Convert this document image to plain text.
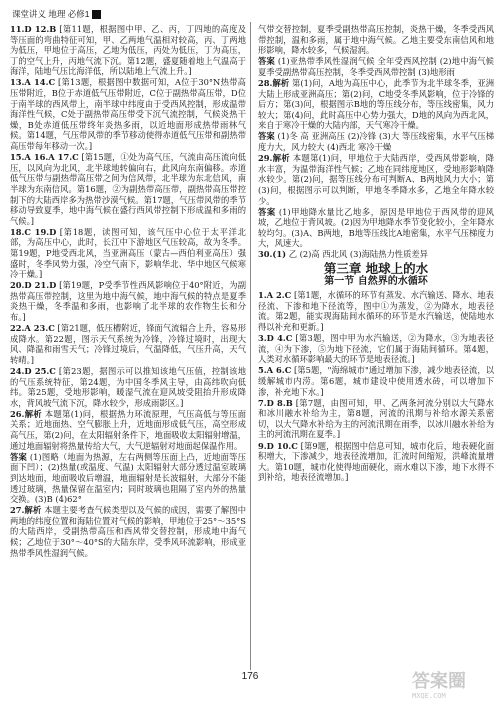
课堂讲义 地理 必修1
11.D 12.B [第11题，根据图中甲、乙、丙，丁四地的高度及等压面的弯曲特征可知，甲、乙两地气温相对较高，丙、丁两地为低压，甲地位于高压，乙地为低压，丙处为低压，丁为高压，丁的空气上升，丙地气流下沉。第12题，盛夏随着地上气温高于海洋，陆地气压比海洋低，所以陆地上气流上升。]
13.A 14.C [第13题，根据图中数据可知，A位于30°N热带高压带附近，B位于赤道低气压带附近，C位于副热带高压带，D位于南半球的西风带上，南半球中纬度由于受西风控制，形成温带海洋性气候，C处于副热带高压带受下沉气流控制，气候炎热干燥，B处赤道低压带终年炎热多雨，以近地面形成热带雨林气候。第14题，气压带风带的季节移动使得赤道低气压带和副热带高压带每年移动一次。]
15.A 16.A 17.C [第15题，①处为高气压，气流由高压流向低压，以风向为北风，北半球地转偏向右，此风向东南偏移。赤道低气压带与副热带高压带之间为信风带，北半球为东北信风，南半球为东南信风。第16题，②为副热带高压带，副热带高压带控制下的大陆西岸多为热带沙漠气候。第17题，气压带风带的季节移动导致夏季，地中海气候在盛行西风带控制下形成温和多雨的气候。]
18.C 19.D [第18题，读图可知，该气压中心位于太平洋北部，为高压中心，此时，长江中下游地区气压较高，故为冬季。第19题，P地受西北风，当亚洲高压（蒙古—西伯利亚高压）强盛时，冬季风势力强，冷空气南下，影响华北、华中地区气候寒冷干燥。]
20.D 21.D [第19题，P受季节性西风影响位于40°附近，为副热带高压带控制，这里为地中海气候，地中海气候的特点是夏季炎热干燥，冬季温和多雨，也影响了北半球的农作物生长和分布。]
22.A 23.C [第21题，低压槽附近，锋面气流辐合上升，容易形成降水。第22题，图示天气系统为冷锋，冷锋过境时，出现大风、降温和雨雪天气；冷锋过境后，气温降低，气压升高，天气转晴。]
24.D 25.C [第23题，据图示可以推知该地气压值，控制该地的气压系统特征，第24题，为中国冬季风主导，由高纬吹向低纬。第25题，受地形影响，暖湿气流在迎风坡受阻抬升形成降水，背风坡气流下沉，降水较少，形成雨影区。]
26.解析 本题第(1)问，根据热力环流原理，气压高低与等压面关系；近地面热、空气膨胀上升，近地面形成低气压，高空形成高气压，第(2)问，在太阳辐射条件下，地面吸收太阳辐射增温，通过地面辐射将热量传给大气，大气逆辐射对地面起保温作用。
答案 (1)图略（地面为热源，左右两侧等压面上凸，近地面等压面下凹）；(2)热量(或温度、气温) 太阳辐射大部分透过温室玻璃到达地面，地面吸收后增温，地面辐射是长波辐射，大部分不能透过玻璃，热量保留在温室内；同时玻璃也阻隔了室内外的热量交换。(3)B (4)62°
27.解析 本题主要考查气候类型以及气候的成因，需要了解图中两地的纬度位置和海陆位置对气候的影响，甲地位于25°～35°S的大陆西岸，受副热带高压和西风带交替控制，形成地中海气候；乙地位于30°～40°S的大陆东岸，受季风环流影响，形成亚热带季风性湿润气候。
气带交替控制，夏季受副热带高压控制，炎热干燥，冬季受西风带控制，温和多雨，属于地中海气候。乙地主要受东南信风和地形影响，降水较多，气候湿润。
答案 (1)亚热带季风性湿润气候 全年受西风控制 (2)地中海气候 夏季受副热带高压控制，冬季受西风带控制 (3)地形雨
28.解析 第(1)问，A地为高压中心，此季节为北半球冬季，亚洲大陆上形成亚洲高压；第(2)问，C地受冬季风影响，位于冷锋的后方；第(3)问，根据图示B地的等压线分布，等压线密集，风力较大；第(4)问，此时高压中心势力强大，D地的风向为西北风，来自于寒冷干燥的大陆内部，天气寒冷干燥。
答案 (1)冬 高 亚洲高压 (2)冷锋 (3)大 等压线密集，水平气压梯度力大，风力较大 (4)西北 寒冷干燥
29.解析 本题第(1)问，甲地位于大陆西岸，受西风带影响，降水丰富，为温带海洋性气候；乙地在同纬度地区，受地形影响降水较少。第(2)问，据等压线分布可判断A、B两地风力大小；第(3)问，根据图示可以判断，甲地冬季降水多，乙地全年降水较少。
答案 (1)甲地降水量比乙地多，原因是甲地位于西风带的迎风坡，乙地位于背风坡。(2)因为甲地降水季节变化较小，全年降水较均匀。(3)A、B两地，B地等压线比A地密集，水平气压梯度力大，风速大。
30.(1) 乙 (2)高 西北风 (3)海陆热力性质差异
第三章 地球上的水
第一节 自然界的水循环
1.A 2.C [第1题，水循环的环节有蒸发、水汽输送、降水、地表径流、下渗和地下径流等，图中①为蒸发，②为降水，地表径流。第2题，能实现海陆间水循环的环节是水汽输送，使陆地水得以补充和更新。]
3.D 4.C [第3题，图中甲为水汽输送，②为降水，③为地表径流，④为下渗，⑤为地下径流，它们属于海陆间循环。第4题，人类对水循环影响最大的环节是地表径流。]
5.A 6.C [第5题，"海绵城市"通过增加下渗，减少地表径流，以缓解城市内涝。第6题，城市建设中使用透水砖，可以增加下渗，补充地下水。]
7.D 8.B [第7题，由图可知，甲、乙两条河流分别以大气降水和冰川融水补给为主，第8题，河流的汛期与补给水源关系密切，以大气降水补给为主的河流汛期在雨季，以冰川融水补给为主的河流汛期在夏季。]
9.D 10.C [第9题，根据图中信息可知，城市化后，地表硬化面积增大，下渗减少，地表径流增加，汇流时间缩短，洪峰流量增大。第10题，城市化使得地面硬化，雨水难以下渗，地下水得不到补给，地表径流增加。]
176	答案圈
MXQE.COM
